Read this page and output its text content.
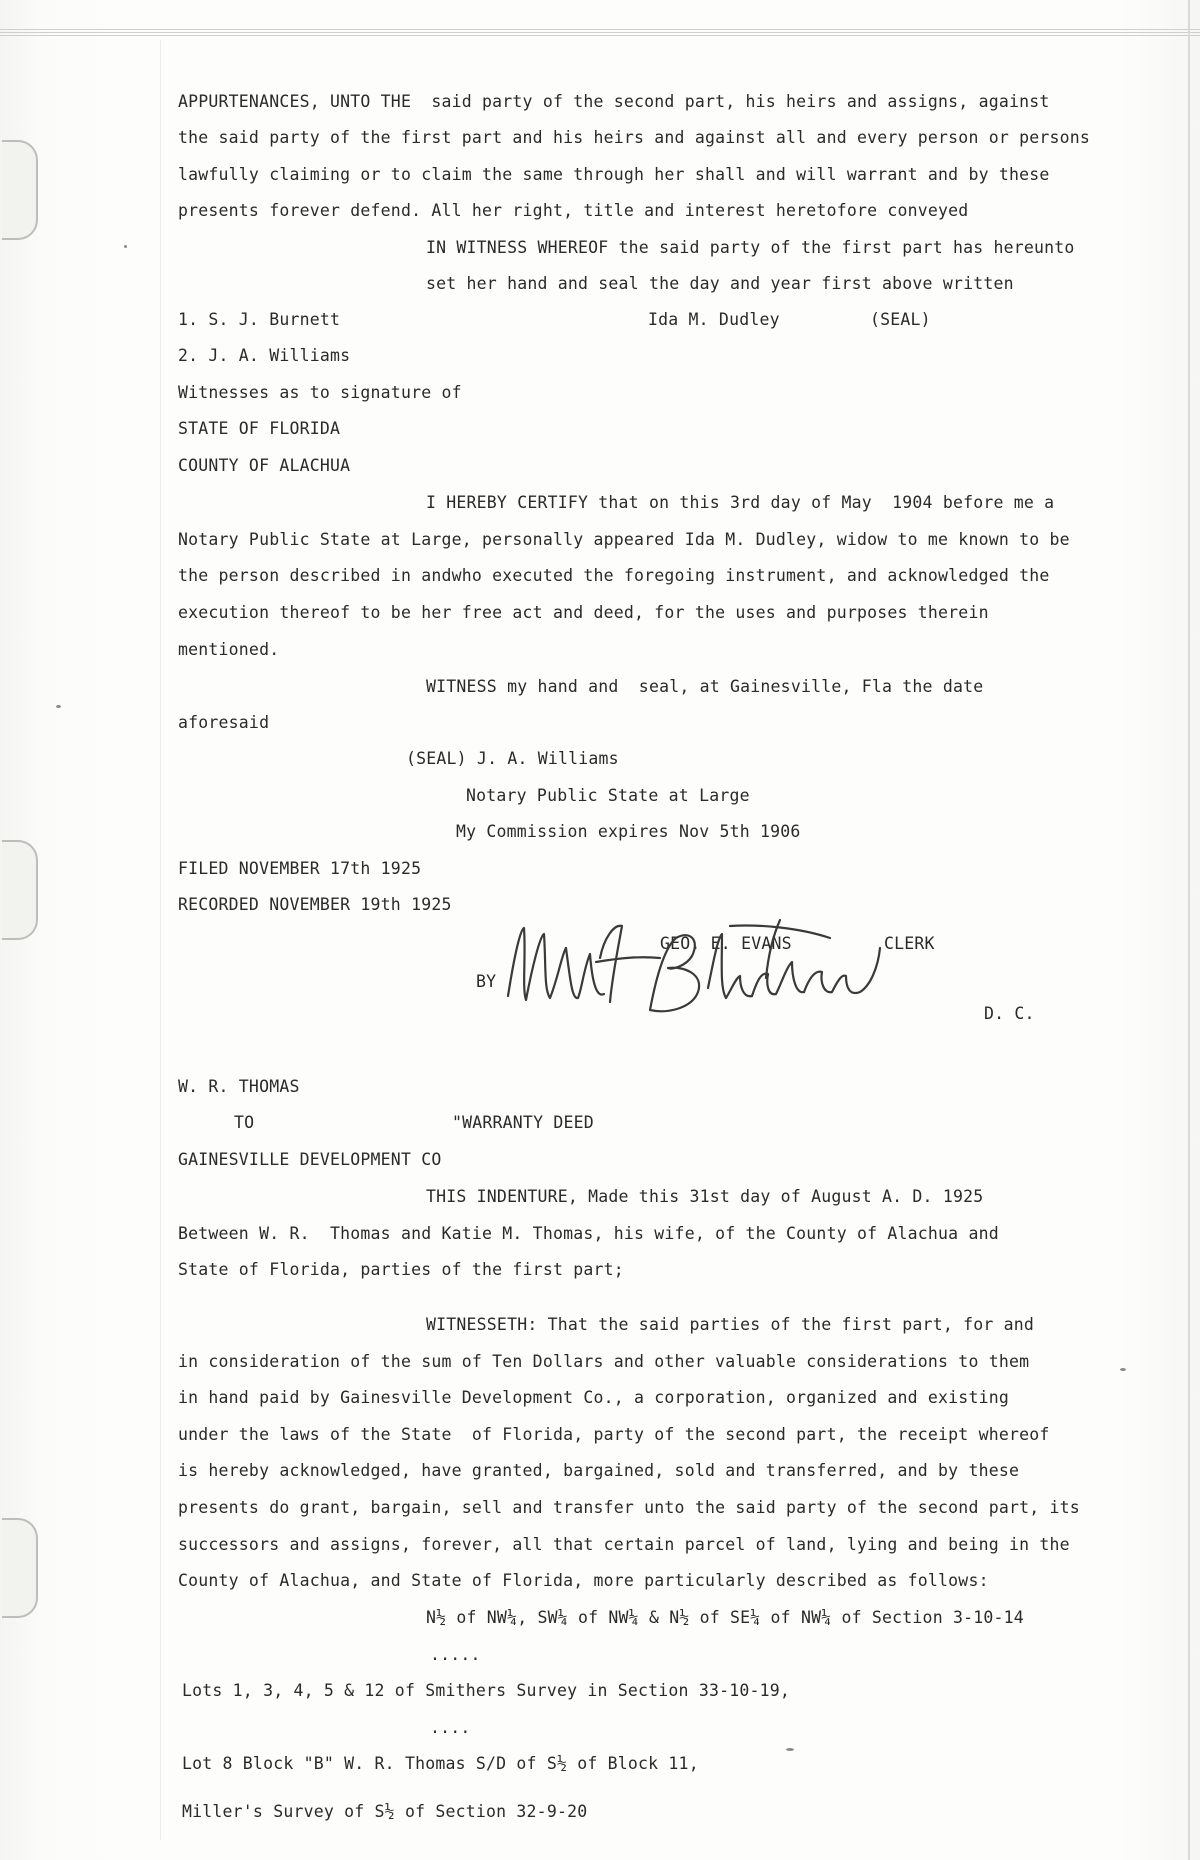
APPURTENANCES, UNTO THE  said party of the second part, his heirs and assigns, against
the said party of the first part and his heirs and against all and every person or persons
lawfully claiming or to claim the same through her shall and will warrant and by these
presents forever defend. All her right, title and interest heretofore conveyed
IN WITNESS WHEREOF the said party of the first part has hereunto
set her hand and seal the day and year first above written
1. S. J. Burnett	Ida M. Dudley	(SEAL)
2. J. A. Williams
Witnesses as to signature of
STATE OF FLORIDA
COUNTY OF ALACHUA
I HEREBY CERTIFY that on this 3rd day of May  1904 before me a
Notary Public State at Large, personally appeared Ida M. Dudley, widow to me known to be
the person described in andwho executed the foregoing instrument, and acknowledged the
execution thereof to be her free act and deed, for the uses and purposes therein
mentioned.
WITNESS my hand and  seal, at Gainesville, Fla the date
aforesaid
(SEAL) J. A. Williams
Notary Public State at Large
My Commission expires Nov 5th 1906
FILED NOVEMBER 17th 1925
RECORDED NOVEMBER 19th 1925
GEO. E. EVANS	CLERK
BY
D. C.
W. R. THOMAS
TO	"WARRANTY DEED
GAINESVILLE DEVELOPMENT CO
THIS INDENTURE, Made this 31st day of August A. D. 1925
Between W. R.  Thomas and Katie M. Thomas, his wife, of the County of Alachua and
State of Florida, parties of the first part;
WITNESSETH: That the said parties of the first part, for and
in consideration of the sum of Ten Dollars and other valuable considerations to them
in hand paid by Gainesville Development Co., a corporation, organized and existing
under the laws of the State  of Florida, party of the second part, the receipt whereof
is hereby acknowledged, have granted, bargained, sold and transferred, and by these
presents do grant, bargain, sell and transfer unto the said party of the second part, its
successors and assigns, forever, all that certain parcel of land, lying and being in the
County of Alachua, and State of Florida, more particularly described as follows:
N½ of NW¼, SW¼ of NW¼ & N½ of SE¼ of NW¼ of Section 3-10-14
.....
Lots 1, 3, 4, 5 & 12 of Smithers Survey in Section 33-10-19,
....
Lot 8 Block "B" W. R. Thomas S/D of S½ of Block 11,
Miller's Survey of S½ of Section 32-9-20
